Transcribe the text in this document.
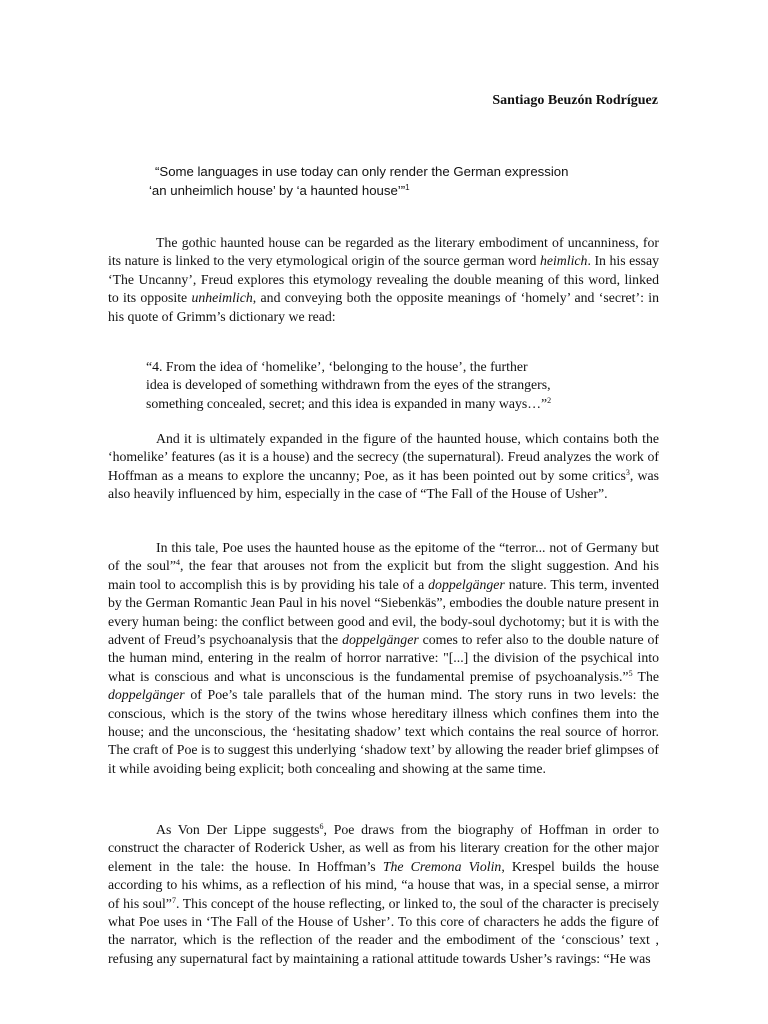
Santiago Beuzón Rodríguez
“Some languages in use today can only render the German expression
‘an unheimlich house’ by ‘a haunted house’”$^1$

The gothic haunted house can be regarded as the literary embodiment of uncanniness, for its nature is linked to the very etymological origin of the source german word heimlich. In his essay ‘The Uncanny’, Freud explores this etymology revealing the double meaning of this word, linked to its opposite unheimlich, and conveying both the opposite meanings of ‘homely’ and ‘secret’: in his quote of Grimm’s dictionary we read:

“4. From the idea of ‘homelike’, ‘belonging to the house’, the further
idea is developed of something withdrawn from the eyes of the strangers,
something concealed, secret; and this idea is expanded in many ways…”$^2$

And it is ultimately expanded in the figure of the haunted house, which contains both the ‘homelike’ features (as it is a house) and the secrecy (the supernatural). Freud analyzes the work of Hoffman as a means to explore the uncanny; Poe, as it has been pointed out by some critics$^3$, was also heavily influenced by him, especially in the case of “The Fall of the House of Usher”.

In this tale, Poe uses the haunted house as the epitome of the “terror... not of Germany but of the soul”$^4$, the fear that arouses not from the explicit but from the slight suggestion. And his main tool to accomplish this is by providing his tale of a doppelgänger nature. This term, invented by the German Romantic Jean Paul in his novel “Siebenkäs”, embodies the double nature present in every human being: the conflict between good and evil, the body-soul dychotomy; but it is with the advent of Freud’s psychoanalysis that the doppelgänger comes to refer also to the double nature of the human mind, entering in the realm of horror narrative: "[...] the division of the psychical into what is conscious and what is unconscious is the fundamental premise of psychoanalysis.”$^5$ The doppelgänger of Poe’s tale parallels that of the human mind. The story runs in two levels: the conscious, which is the story of the twins whose hereditary illness which confines them into the house; and the unconscious, the ‘hesitating shadow’ text which contains the real source of horror. The craft of Poe is to suggest this underlying ‘shadow text’ by allowing the reader brief glimpses of it while avoiding being explicit; both concealing and showing at the same time.

As Von Der Lippe suggests$^6$, Poe draws from the biography of Hoffman in order to construct the character of Roderick Usher, as well as from his literary creation for the other major element in the tale: the house. In Hoffman’s The Cremona Violin, Krespel builds the house according to his whims, as a reflection of his mind, “a house that was, in a special sense, a mirror of his soul”$^7$. This concept of the house reflecting, or linked to, the soul of the character is precisely what Poe uses in ‘The Fall of the House of Usher’. To this core of characters he adds the figure of the narrator, which is the reflection of the reader and the embodiment of the ‘conscious’ text , refusing any supernatural fact by maintaining a rational attitude towards Usher’s ravings: “He was
